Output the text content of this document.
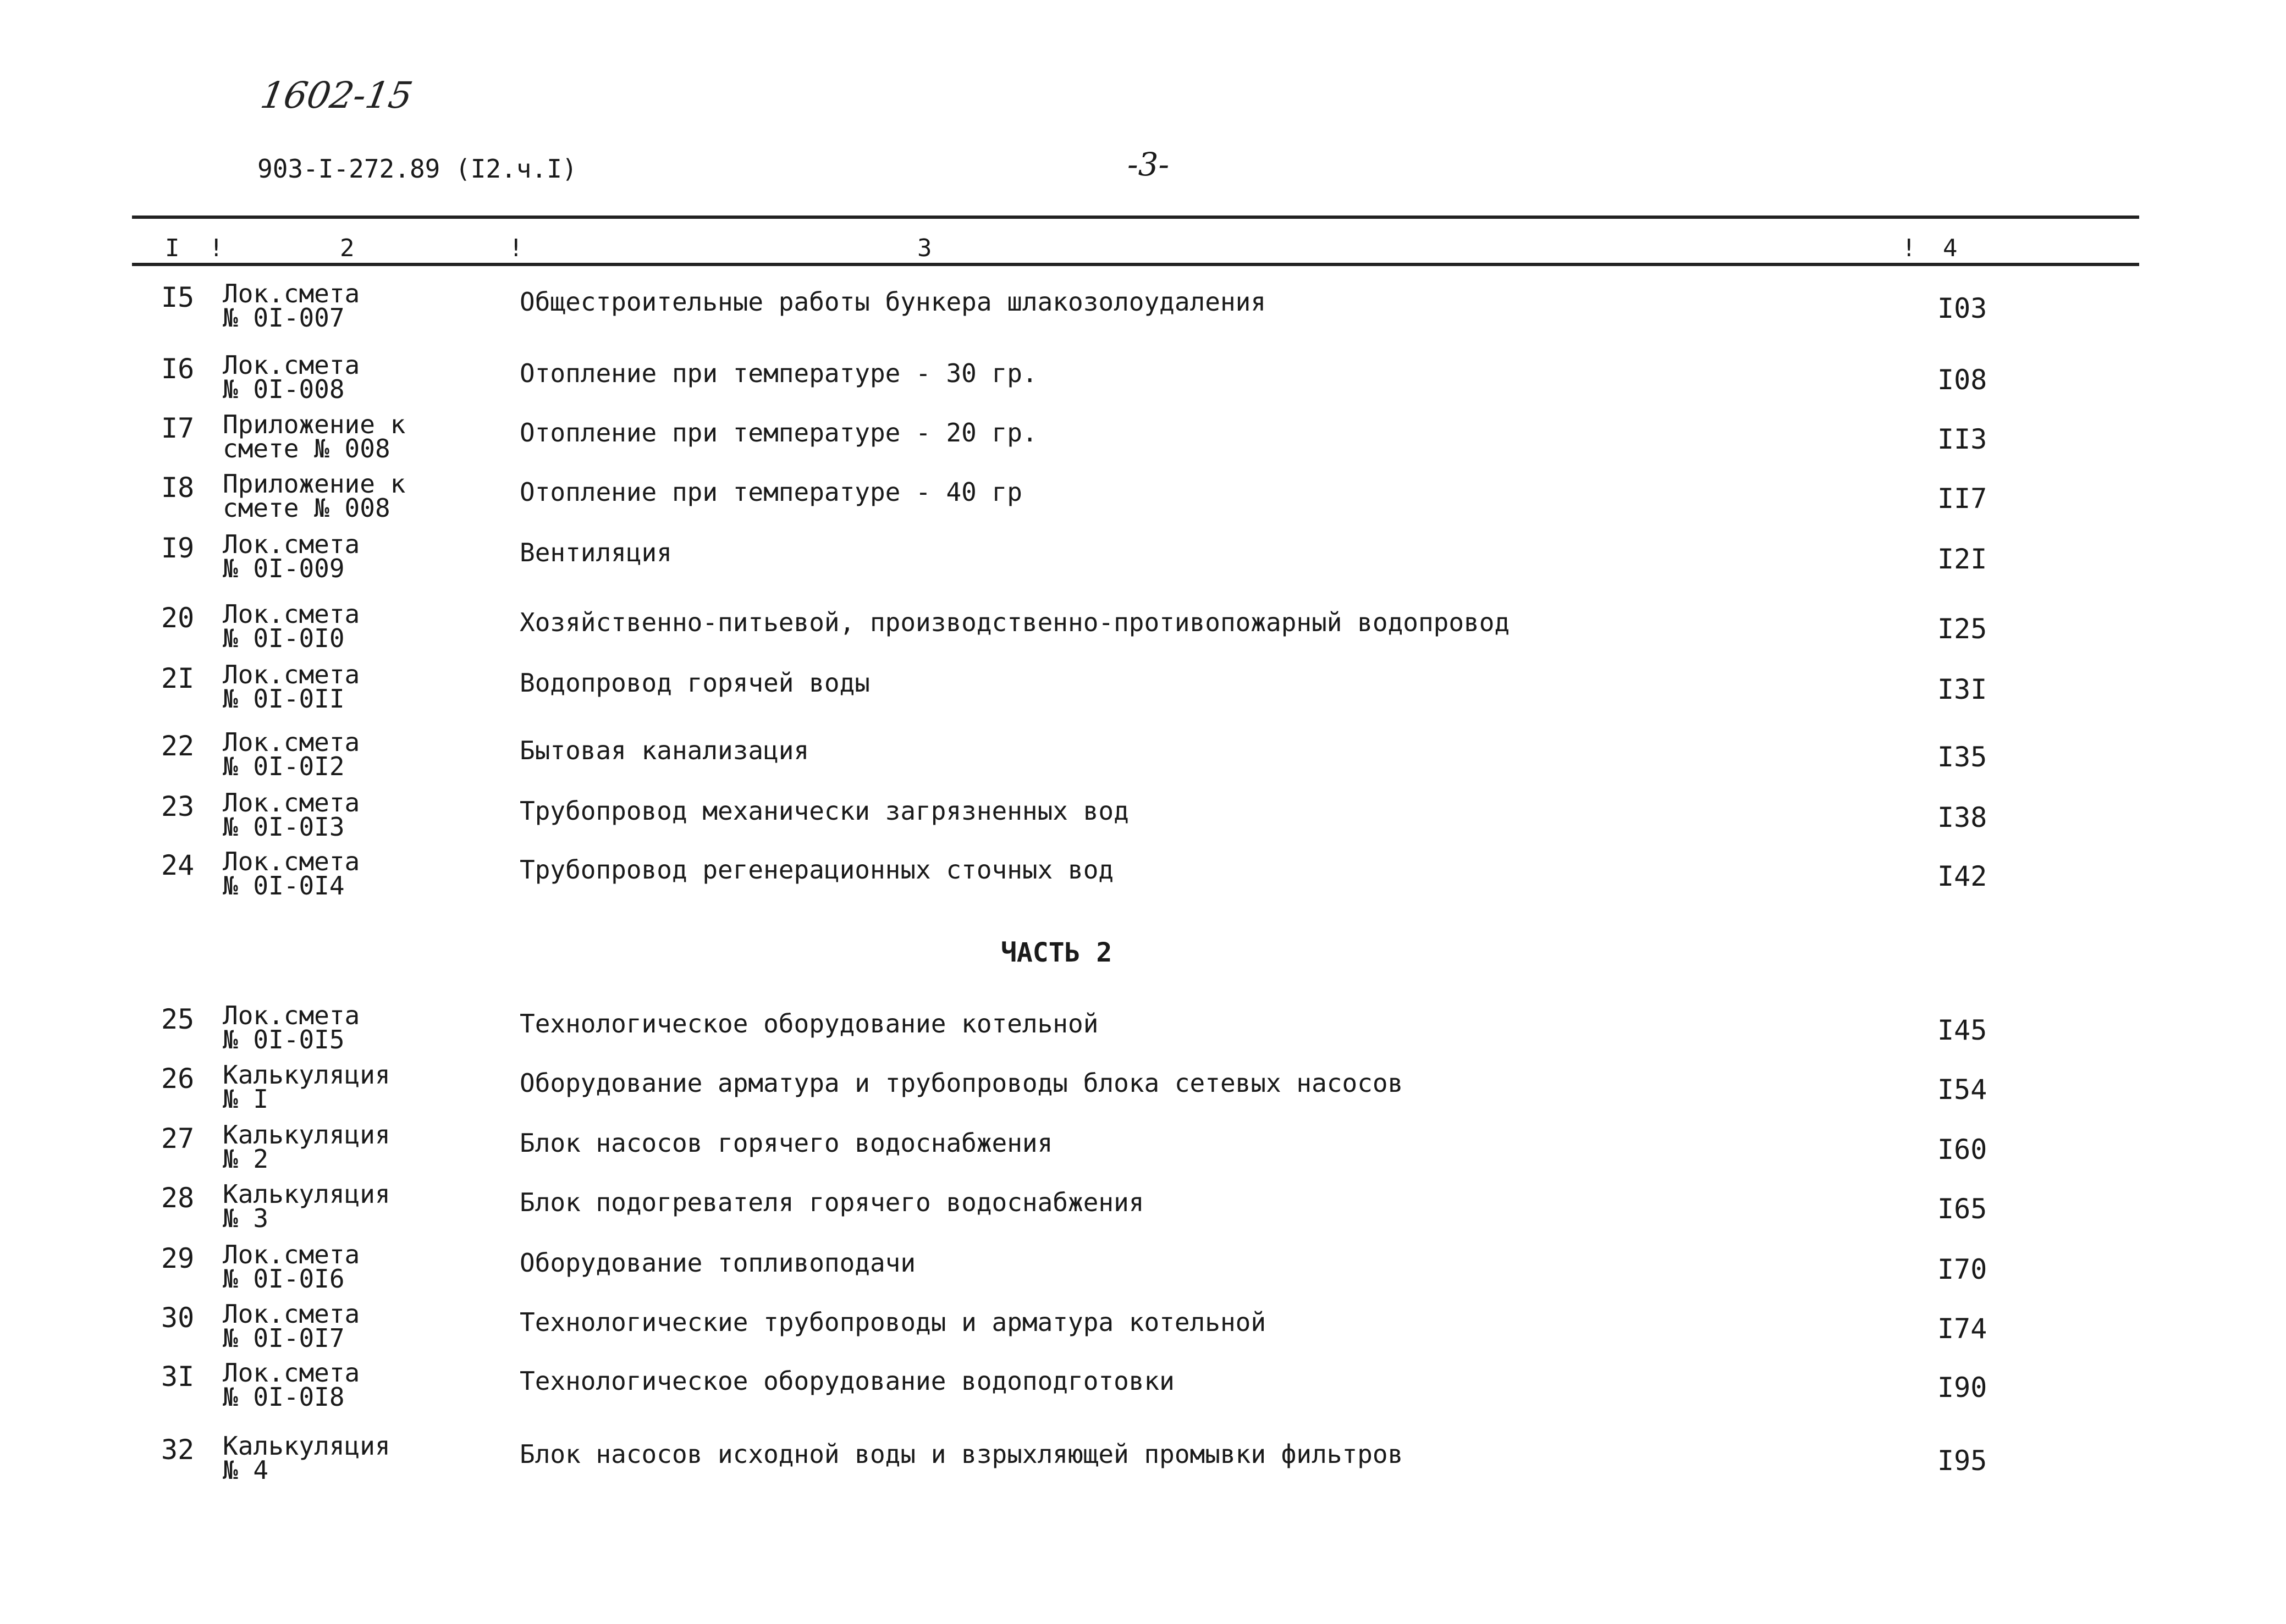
1602-15
903-I-272.89 (I2.ч.I)	-3-
I !	2	!	3	! 4
I5 Лок.смета
№ 0I-007
Общестроительные работы бункера шлакозолоудаления	I03
I6 Лок.смета
№ 0I-008
Отопление при температуре - 30 гр.	I08
I7 Приложение к
смете № 008
Отопление при температуре - 20 гр.	II3
I8 Приложение к
смете № 008
Отопление при температуре - 40 гр	II7
I9 Лок.смета
№ 0I-009
Вентиляция	I2I
20 Лок.смета
№ 0I-0I0
Хозяйственно-питьевой, производственно-противопожарный водопровод	I25
2I Лок.смета
№ 0I-0II
Водопровод горячей воды	I3I
22 Лок.смета
№ 0I-0I2
Бытовая канализация	I35
23 Лок.смета
№ 0I-0I3
Трубопровод механически загрязненных вод	I38
24 Лок.смета
№ 0I-0I4
Трубопровод регенерационных сточных вод	I42
ЧАСТЬ 2
25 Лок.смета
№ 0I-0I5
Технологическое оборудование котельной	I45
26 Калькуляция
№ I
Оборудование арматура и трубопроводы блока сетевых насосов	I54
27 Калькуляция
№ 2
Блок насосов горячего водоснабжения	I60
28 Калькуляция
№ 3
Блок подогревателя горячего водоснабжения	I65
29 Лок.смета
№ 0I-0I6
Оборудование топливоподачи	I70
30 Лок.смета
№ 0I-0I7
Технологические трубопроводы и арматура котельной	I74
3I Лок.смета
№ 0I-0I8
Технологическое оборудование водоподготовки	I90
32 Калькуляция
№ 4
Блок насосов исходной воды и взрыхляющей промывки фильтров	I95
